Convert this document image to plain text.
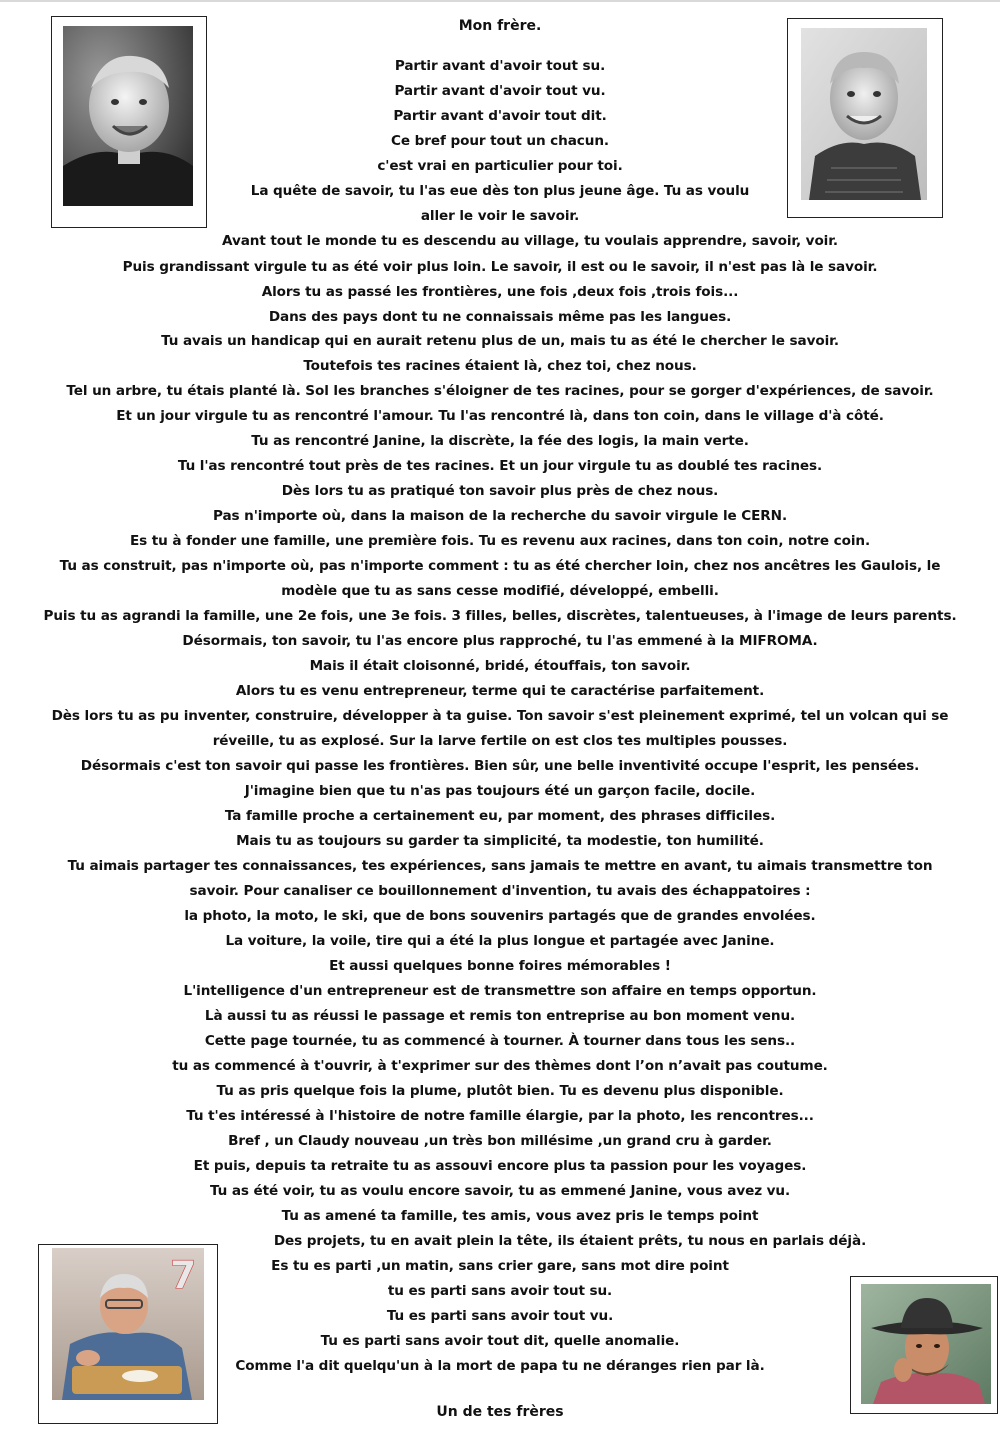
Mon frère.
Partir avant d'avoir tout su.
Partir avant d'avoir tout vu.
Partir avant d'avoir tout dit.
Ce bref pour tout un chacun.
c'est vrai en particulier pour toi.
La quête de savoir, tu l'as eue dès ton plus jeune âge. Tu as voulu
aller le voir le savoir.
Avant tout le monde tu es descendu au village, tu voulais apprendre, savoir, voir.
Puis grandissant virgule tu as été voir plus loin. Le savoir, il est ou le savoir, il n'est pas là le savoir.
Alors tu as passé les frontières, une fois ,deux fois ,trois fois...
Dans des pays dont tu ne connaissais même pas les langues.
Tu avais un handicap qui en aurait retenu plus de un, mais tu as été le chercher le savoir.
Toutefois tes racines étaient là, chez toi, chez nous.
Tel un arbre, tu étais planté là. Sol les branches s'éloigner de tes racines, pour se gorger d'expériences, de savoir.
Et un jour virgule tu as rencontré l'amour. Tu l'as rencontré là, dans ton coin, dans le village d'à côté.
Tu as rencontré Janine, la discrète, la fée des logis, la main verte.
Tu l'as rencontré tout près de tes racines. Et un jour virgule tu as doublé tes racines.
Dès lors tu as pratiqué ton savoir plus près de chez nous.
Pas n'importe où, dans la maison de la recherche du savoir virgule le CERN.
Es tu à fonder une famille, une première fois. Tu es revenu aux racines, dans ton coin, notre coin.
Tu as construit, pas n'importe où, pas n'importe comment : tu as été chercher loin, chez nos ancêtres les Gaulois, le
modèle que tu as sans cesse modifié, développé, embelli.
Puis tu as agrandi la famille, une 2e fois, une 3e fois. 3 filles, belles, discrètes, talentueuses, à l'image de leurs parents.
Désormais, ton savoir, tu l'as encore plus rapproché, tu l'as emmené à la MIFROMA.
Mais il était cloisonné, bridé, étouffais, ton savoir.
Alors tu es venu entrepreneur, terme qui te caractérise parfaitement.
Dès lors tu as pu inventer, construire, développer à ta guise. Ton savoir s'est pleinement exprimé, tel un volcan qui se
réveille, tu as explosé. Sur la larve fertile on est clos tes multiples pousses.
Désormais c'est ton savoir qui passe les frontières. Bien sûr, une belle inventivité occupe l'esprit, les pensées.
J'imagine bien que tu n'as pas toujours été un garçon facile, docile.
Ta famille proche a certainement eu, par moment, des phrases difficiles.
Mais tu as toujours su garder ta simplicité, ta modestie, ton humilité.
Tu aimais partager tes connaissances, tes expériences, sans jamais te mettre en avant, tu aimais transmettre ton
savoir. Pour canaliser ce bouillonnement d'invention, tu avais des échappatoires :
la photo, la moto, le ski, que de bons souvenirs partagés que de grandes envolées.
La voiture, la voile, tire qui a été la plus longue et partagée avec Janine.
Et aussi quelques bonne foires mémorables !
L'intelligence d'un entrepreneur est de transmettre son affaire en temps opportun.
Là aussi tu as réussi le passage et remis ton entreprise au bon moment venu.
Cette page tournée, tu as commencé à tourner. À tourner dans tous les sens..
tu as commencé à t'ouvrir, à t'exprimer sur des thèmes dont l’on n’avait pas coutume.
Tu as pris quelque fois la plume, plutôt bien. Tu es devenu plus disponible.
Tu t'es intéressé à l'histoire de notre famille élargie, par la photo, les rencontres...
Bref , un Claudy nouveau ,un très bon millésime ,un grand cru à garder.
Et puis, depuis ta retraite tu as assouvi encore plus ta passion pour les voyages.
Tu as été voir, tu as voulu encore savoir, tu as emmené Janine, vous avez vu.
Tu as amené ta famille, tes amis, vous avez pris le temps point
Des projets, tu en avait plein la tête, ils étaient prêts, tu nous en parlais déjà.
Es tu es parti ,un matin, sans crier gare, sans mot dire point
tu es parti sans avoir tout su.
Tu es parti sans avoir tout vu.
Tu es parti sans avoir tout dit, quelle anomalie.
Comme l'a dit quelqu'un à la mort de papa tu ne déranges rien par là.
Un de tes frères
7
